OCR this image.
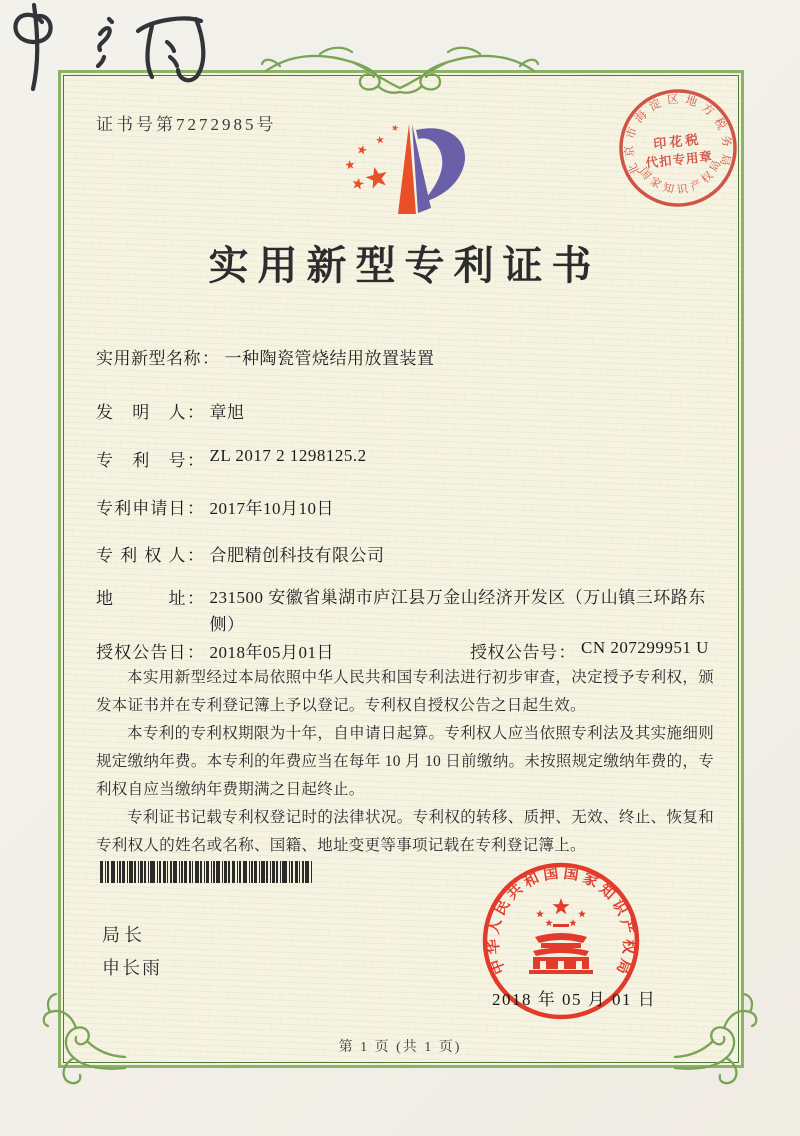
证书号第7272985号
北
京
市
海
淀 区 地
方
税
务
局
国
家
知 识 产
权
局
印花税
代扣专用章
实用新型专利证书
实用新型名称 ： 一种陶瓷管烧结用放置装置
发明人 ： 章旭
专利号 ： ZL 2017 2 1298125.2
专利申请日 ： 2017年10月10日
专利权人 ： 合肥精创科技有限公司
地址 ： 231500 安徽省巢湖市庐江县万金山经济开发区（万山镇三环路东侧）
授权公告日 ： 2018年05月01日	授权公告号 ： CN 207299951 U

本实用新型经过本局依照中华人民共和国专利法进行初步审查，决定授予专利权，颁发本证书并在专利登记簿上予以登记。专利权自授权公告之日起生效。

本专利的专利权期限为十年，自申请日起算。专利权人应当依照专利法及其实施细则规定缴纳年费。本专利的年费应当在每年 10 月 10 日前缴纳。未按照规定缴纳年费的，专利权自应当缴纳年费期满之日起终止。

专利证书记载专利权登记时的法律状况。专利权的转移、质押、无效、终止、恢复和专利权人的姓名或名称、国籍、地址变更等事项记载在专利登记簿上。

局长
申长雨	中
华
人
民
共
和 国 国 家
知
识
产
权
局
2018 年 05 月 01 日
第 1 页 (共 1 页)
